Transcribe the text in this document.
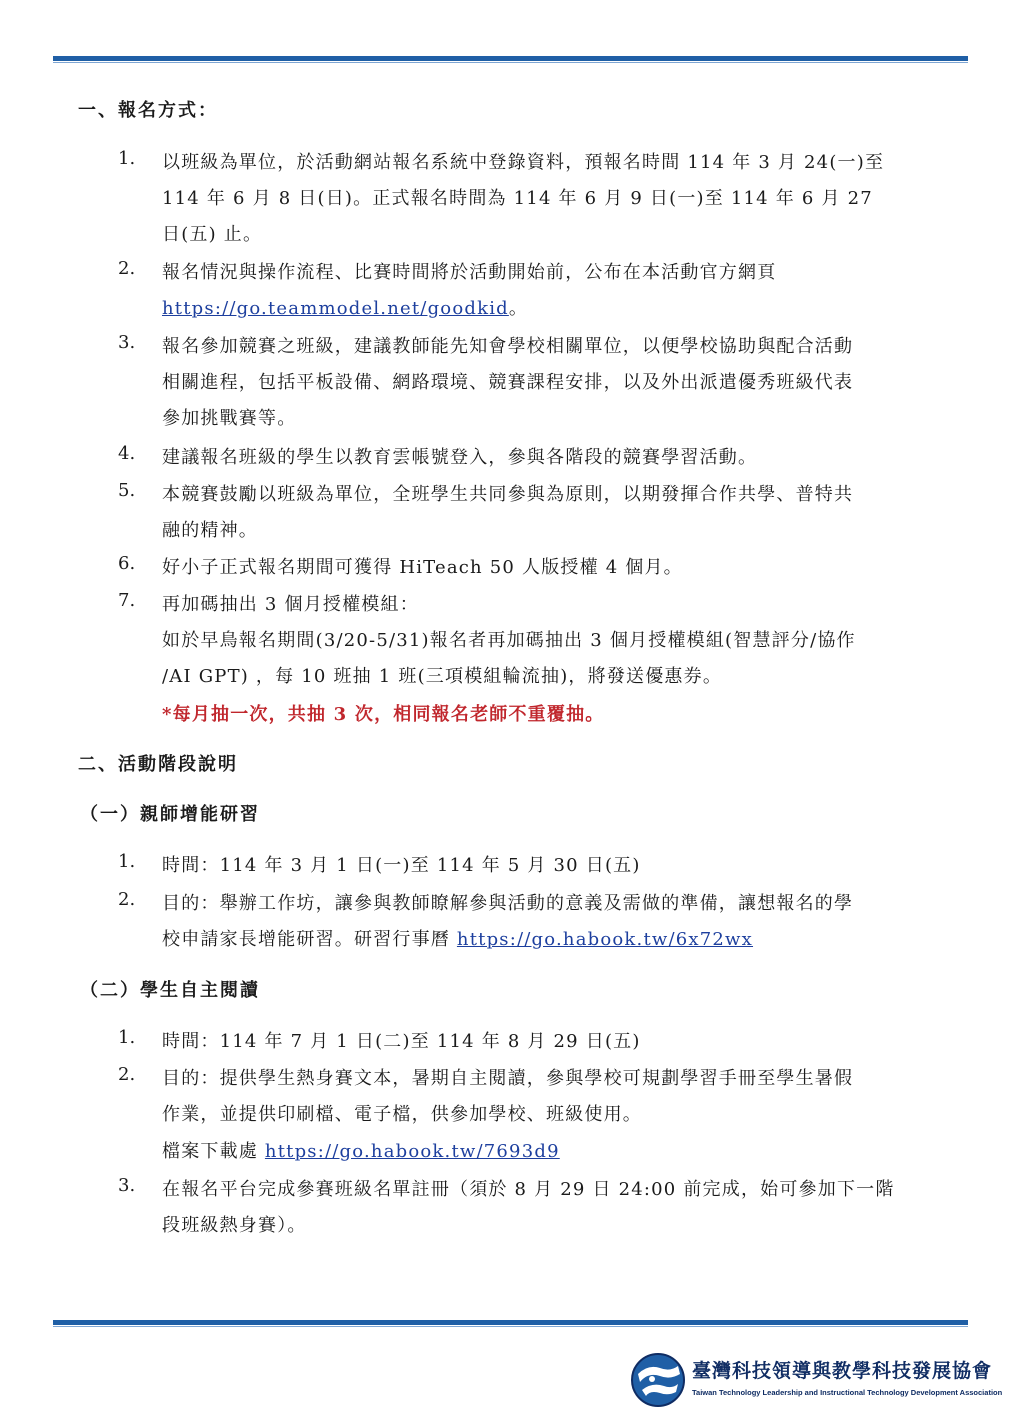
一、報名方式：
1. 以班級為單位，於活動網站報名系統中登錄資料，預報名時間 114 年 3 月 24(一)至
114 年 6 月 8 日(日)。正式報名時間為 114 年 6 月 9 日(一)至 114 年 6 月 27
日(五) 止。
2. 報名情況與操作流程、比賽時間將於活動開始前，公布在本活動官方網頁
https://go.teammodel.net/goodkid。
3. 報名參加競賽之班級，建議教師能先知會學校相關單位，以便學校協助與配合活動
相關進程，包括平板設備、網路環境、競賽課程安排，以及外出派遣優秀班級代表
參加挑戰賽等。
4. 建議報名班級的學生以教育雲帳號登入，參與各階段的競賽學習活動。
5. 本競賽鼓勵以班級為單位，全班學生共同參與為原則，以期發揮合作共學、普特共
融的精神。
6. 好小子正式報名期間可獲得 HiTeach 50 人版授權 4 個月。
7. 再加碼抽出 3 個月授權模組：
如於早鳥報名期間(3/20-5/31)報名者再加碼抽出 3 個月授權模組(智慧評分/協作
/AI GPT) ，每 10 班抽 1 班(三項模組輪流抽)，將發送優惠券。
*每月抽一次，共抽 3 次，相同報名老師不重覆抽。
二、活動階段說明
（一）親師增能研習
1. 時間：114 年 3 月 1 日(一)至 114 年 5 月 30 日(五)
2. 目的：舉辦工作坊，讓參與教師瞭解參與活動的意義及需做的準備，讓想報名的學
校申請家長增能研習。研習行事曆 https://go.habook.tw/6x72wx
（二）學生自主閱讀
1. 時間：114 年 7 月 1 日(二)至 114 年 8 月 29 日(五)
2. 目的：提供學生熱身賽文本，暑期自主閱讀，參與學校可規劃學習手冊至學生暑假
作業，並提供印刷檔、電子檔，供參加學校、班級使用。
檔案下載處 https://go.habook.tw/7693d9
3. 在報名平台完成參賽班級名單註冊（須於 8 月 29 日 24:00 前完成，始可參加下一階
段班級熱身賽）。
臺灣科技領導與教學科技發展協會
Taiwan Technology Leadership and Instructional Technology Development Association
